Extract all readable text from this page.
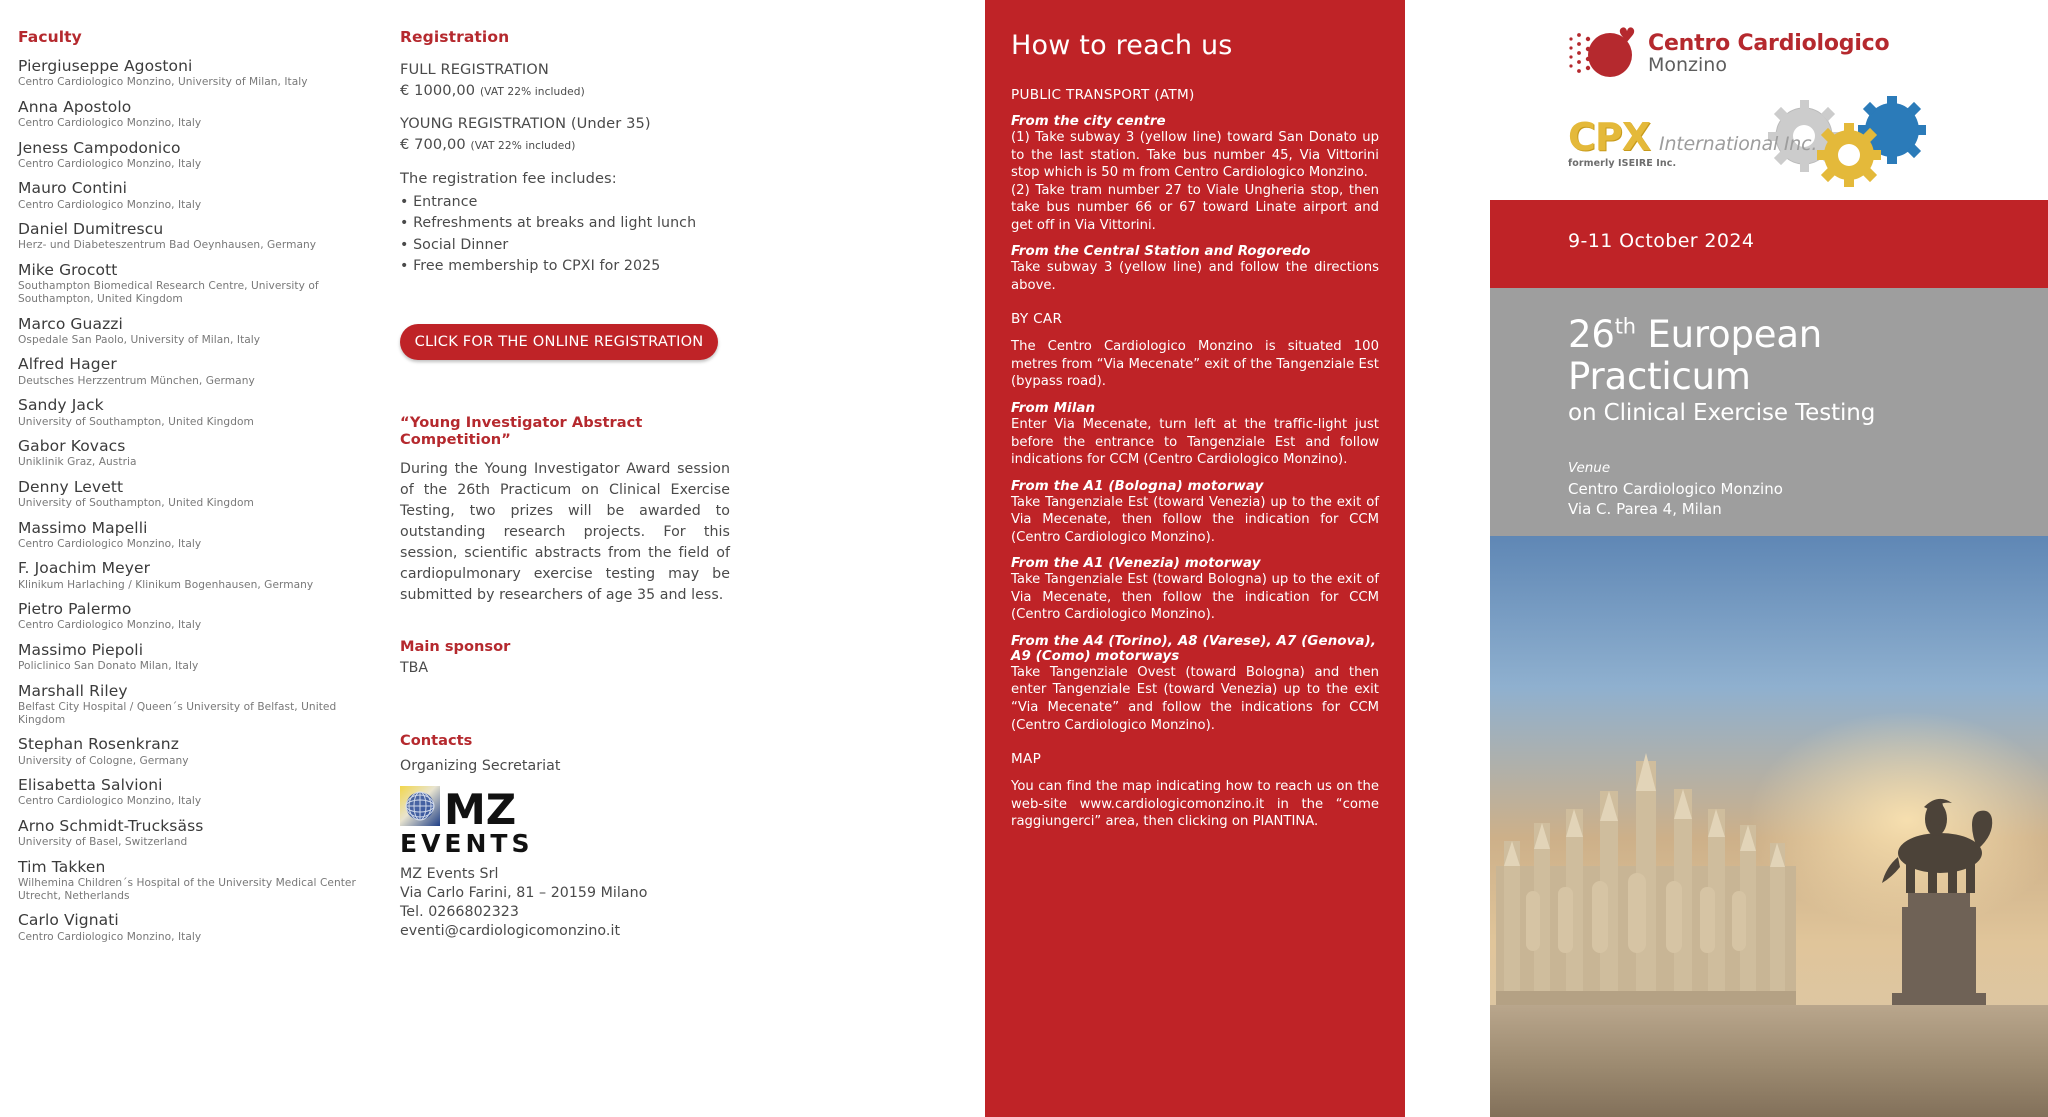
Faculty
Piergiuseppe Agostoni
Centro Cardiologico Monzino, University of Milan, Italy
Anna Apostolo
Centro Cardiologico Monzino, Italy
Jeness Campodonico
Centro Cardiologico Monzino, Italy
Mauro Contini
Centro Cardiologico Monzino, Italy
Daniel Dumitrescu
Herz- und Diabeteszentrum Bad Oeynhausen, Germany
Mike Grocott
Southampton Biomedical Research Centre, University of Southampton, United Kingdom
Marco Guazzi
Ospedale San Paolo, University of Milan, Italy
Alfred Hager
Deutsches Herzzentrum München, Germany
Sandy Jack
University of Southampton, United Kingdom
Gabor Kovacs
Uniklinik Graz, Austria
Denny Levett
University of Southampton, United Kingdom
Massimo Mapelli
Centro Cardiologico Monzino, Italy
F. Joachim Meyer
Klinikum Harlaching / Klinikum Bogenhausen, Germany
Pietro Palermo
Centro Cardiologico Monzino, Italy
Massimo Piepoli
Policlinico San Donato Milan, Italy
Marshall Riley
Belfast City Hospital / Queen´s University of Belfast, United Kingdom
Stephan Rosenkranz
University of Cologne, Germany
Elisabetta Salvioni
Centro Cardiologico Monzino, Italy
Arno Schmidt-Trucksäss
University of Basel, Switzerland
Tim Takken
Wilhemina Children´s Hospital of the University Medical Center Utrecht, Netherlands
Carlo Vignati
Centro Cardiologico Monzino, Italy
Registration
FULL REGISTRATION
€ 1000,00 (VAT 22% included)
YOUNG REGISTRATION (Under 35)
€ 700,00 (VAT 22% included)
The registration fee includes:
• Entrance
• Refreshments at breaks and light lunch
• Social Dinner
• Free membership to CPXI for 2025
CLICK FOR THE ONLINE REGISTRATION
“Young Investigator Abstract Competition”
During the Young Investigator Award session of the 26th Practicum on Clinical Exercise Testing, two prizes will be awarded to outstanding research projects. For this session, scientific abstracts from the field of cardiopulmonary exercise testing may be submitted by researchers of age 35 and less.
Main sponsor
TBA
Contacts
Organizing Secretariat
MZ
EVENTS
MZ Events Srl
Via Carlo Farini, 81 – 20159 Milano
Tel. 0266802323
eventi@cardiologicomonzino.it
How to reach us
PUBLIC TRANSPORT (ATM)
From the city centre
(1) Take subway 3 (yellow line) toward San Donato up to the last station. Take bus number 45, Via Vittorini stop which is 50 m from Centro Cardiologico Monzino.
(2) Take tram number 27 to Viale Ungheria stop, then take bus number 66 or 67 toward Linate airport and get off in Via Vittorini.
From the Central Station and Rogoredo
Take subway 3 (yellow line) and follow the directions above.
BY CAR
The Centro Cardiologico Monzino is situated 100 metres from “Via Mecenate” exit of the Tangenziale Est (bypass road).
From Milan
Enter Via Mecenate, turn left at the traffic-light just before the entrance to Tangenziale Est and follow indications for CCM (Centro Cardiologico Monzino).
From the A1 (Bologna) motorway
Take Tangenziale Est (toward Venezia) up to the exit of Via Mecenate, then follow the indication for CCM (Centro Cardiologico Monzino).
From the A1 (Venezia) motorway
Take Tangenziale Est (toward Bologna) up to the exit of Via Mecenate, then follow the indication for CCM (Centro Cardiologico Monzino).
From the A4 (Torino), A8 (Varese), A7 (Genova),
A9 (Como) motorways
Take Tangenziale Ovest (toward Bologna) and then enter Tangenziale Est (toward Venezia) up to the exit “Via Mecenate” and follow the indications for CCM (Centro Cardiologico Monzino).
MAP
You can find the map indicating how to reach us on the web-site www.cardiologicomonzino.it in the “come raggiungerci” area, then clicking on PIANTINA.
♥ Centro Cardiologico
Monzino
CPX International Inc.
formerly ISEIRE Inc.
9-11 October 2024
26th European
Practicum
on Clinical Exercise Testing
Venue
Centro Cardiologico Monzino
Via C. Parea 4, Milan
